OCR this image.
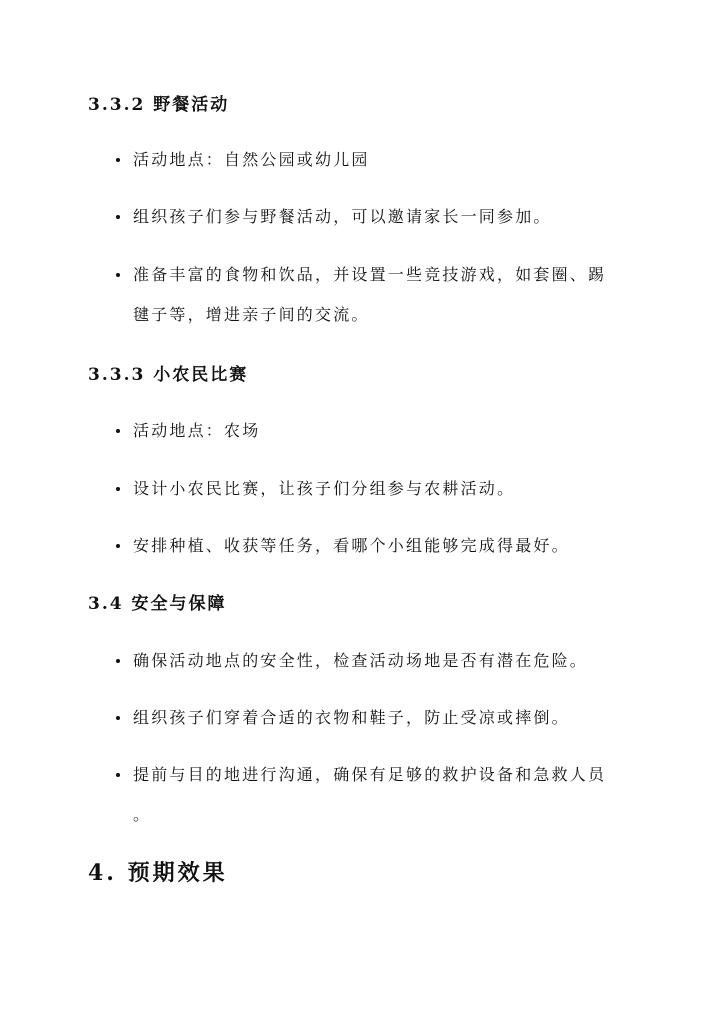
3.3.2 野餐活动
活动地点：自然公园或幼儿园
组织孩子们参与野餐活动，可以邀请家长一同参加。
准备丰富的食物和饮品，并设置一些竞技游戏，如套圈、踢
毽子等，增进亲子间的交流。
3.3.3 小农民比赛
活动地点：农场
设计小农民比赛，让孩子们分组参与农耕活动。
安排种植、收获等任务，看哪个小组能够完成得最好。
3.4 安全与保障
确保活动地点的安全性，检查活动场地是否有潜在危险。
组织孩子们穿着合适的衣物和鞋子，防止受凉或摔倒。
提前与目的地进行沟通，确保有足够的救护设备和急救人员
。
4. 预期效果
